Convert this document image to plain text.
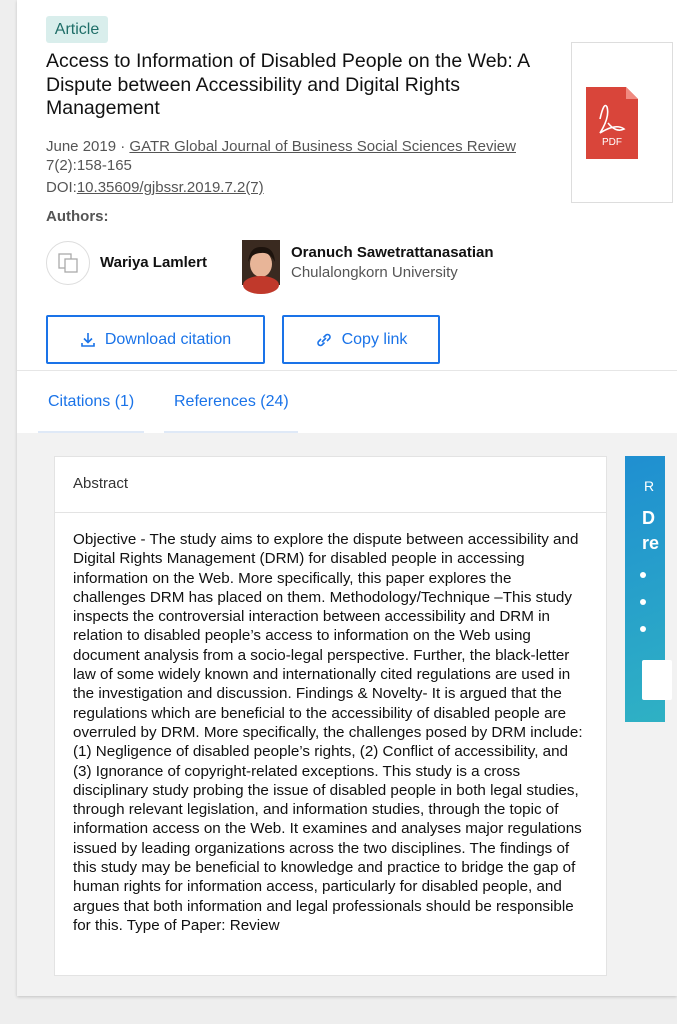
Article
Access to Information of Disabled People on the Web: A Dispute between Accessibility and Digital Rights Management
June 2019 · GATR Global Journal of Business Social Sciences Review
7(2):158-165
DOI:10.35609/gjbssr.2019.7.2(7)
Authors:
Wariya Lamlert
Oranuch Sawetrattanasatian
Chulalongkorn University
PDF
Download citation	Copy link
Citations (1) References (24)
Abstract
Objective - The study aims to explore the dispute between accessibility and Digital Rights Management (DRM) for disabled people in accessing information on the Web. More specifically, this paper explores the challenges DRM has placed on them. Methodology/Technique –This study inspects the controversial interaction between accessibility and DRM in relation to disabled people’s access to information on the Web using document analysis from a socio-legal perspective. Further, the black-letter law of some widely known and internationally cited regulations are used in the investigation and discussion. Findings & Novelty- It is argued that the regulations which are beneficial to the accessibility of disabled people are overruled by DRM. More specifically, the challenges posed by DRM include: (1) Negligence of disabled people’s rights, (2) Conflict of accessibility, and (3) Ignorance of copyright-related exceptions. This study is a cross disciplinary study probing the issue of disabled people in both legal studies, through relevant legislation, and information studies, through the topic of information access on the Web. It examines and analyses major regulations issued by leading organizations across the two disciplines. The findings of this study may be beneficial to knowledge and practice to bridge the gap of human rights for information access, particularly for disabled people, and argues that both information and legal professionals should be responsible for this. Type of Paper: Review
R
D
re
